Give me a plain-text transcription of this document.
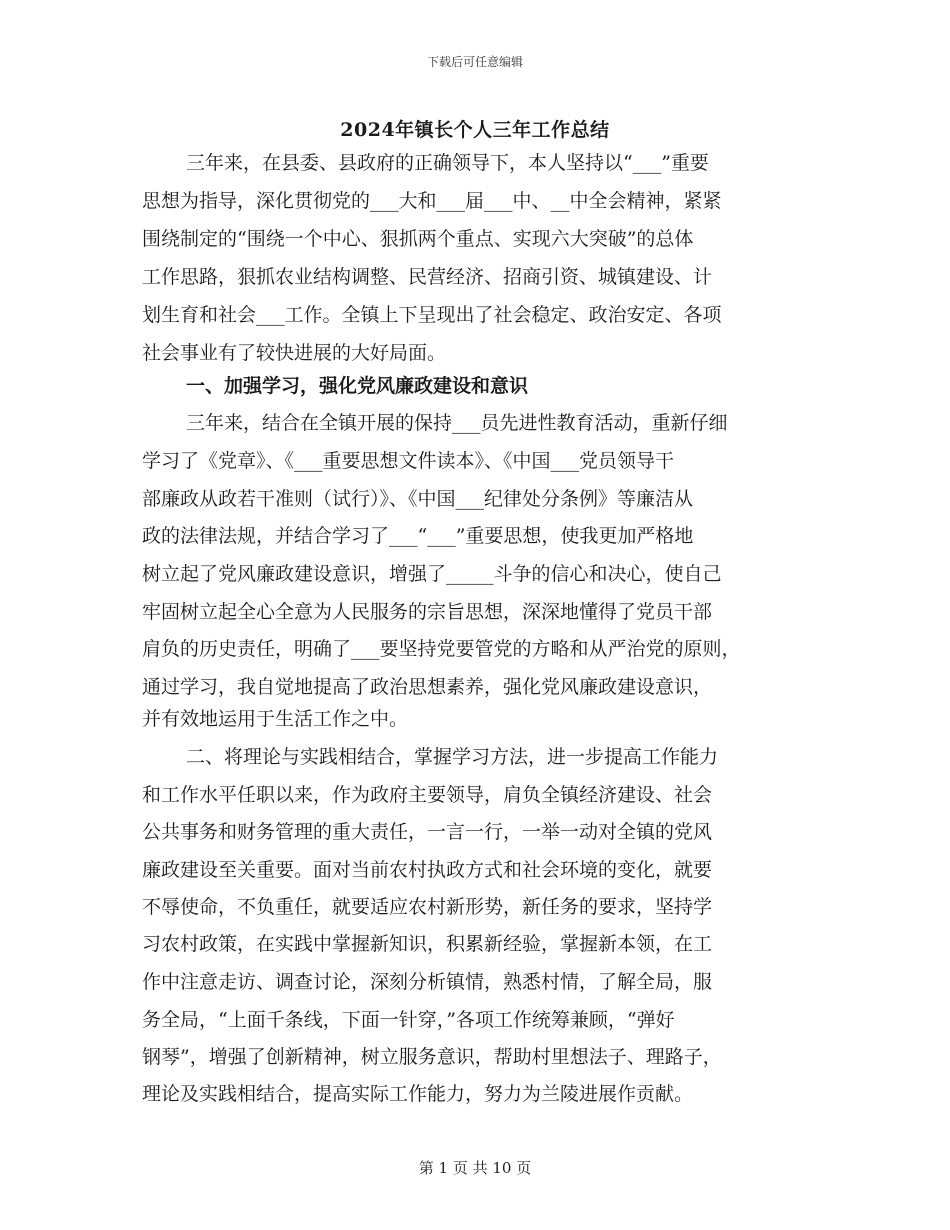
下载后可任意编辑
2024年镇长个人三年工作总结
三年来，在县委、县政府的正确领导下，本人坚持以“___”重要
思想为指导，深化贯彻党的___大和___届___中、__中全会精神，紧紧
围绕制定的“围绕一个中心、狠抓两个重点、实现六大突破”的总体
工作思路，狠抓农业结构调整、民营经济、招商引资、城镇建设、计
划生育和社会___工作。全镇上下呈现出了社会稳定、政治安定、各项
社会事业有了较快进展的大好局面。
一、加强学习，强化党风廉政建设和意识
三年来，结合在全镇开展的保持___员先进性教育活动，重新仔细
学习了《党章》、《___重要思想文件读本》、《中国___党员领导干
部廉政从政若干准则（试行）》、《中国___纪律处分条例》等廉洁从
政的法律法规，并结合学习了___“___”重要思想，使我更加严格地
树立起了党风廉政建设意识，增强了_____斗争的信心和决心，使自己
牢固树立起全心全意为人民服务的宗旨思想，深深地懂得了党员干部
肩负的历史责任，明确了___要坚持党要管党的方略和从严治党的原则，
通过学习，我自觉地提高了政治思想素养，强化党风廉政建设意识，
并有效地运用于生活工作之中。
二、将理论与实践相结合，掌握学习方法，进一步提高工作能力
和工作水平任职以来，作为政府主要领导，肩负全镇经济建设、社会
公共事务和财务管理的重大责任，一言一行，一举一动对全镇的党风
廉政建设至关重要。面对当前农村执政方式和社会环境的变化，就要
不辱使命，不负重任，就要适应农村新形势，新任务的要求，坚持学
习农村政策，在实践中掌握新知识，积累新经验，掌握新本领，在工
作中注意走访、调查讨论，深刻分析镇情，熟悉村情，了解全局，服
务全局，“上面千条线，下面一针穿，”各项工作统筹兼顾，“弹好
钢琴”，增强了创新精神，树立服务意识，帮助村里想法子、理路子，
理论及实践相结合，提高实际工作能力，努力为兰陵进展作贡献。
第 1 页 共 10 页
